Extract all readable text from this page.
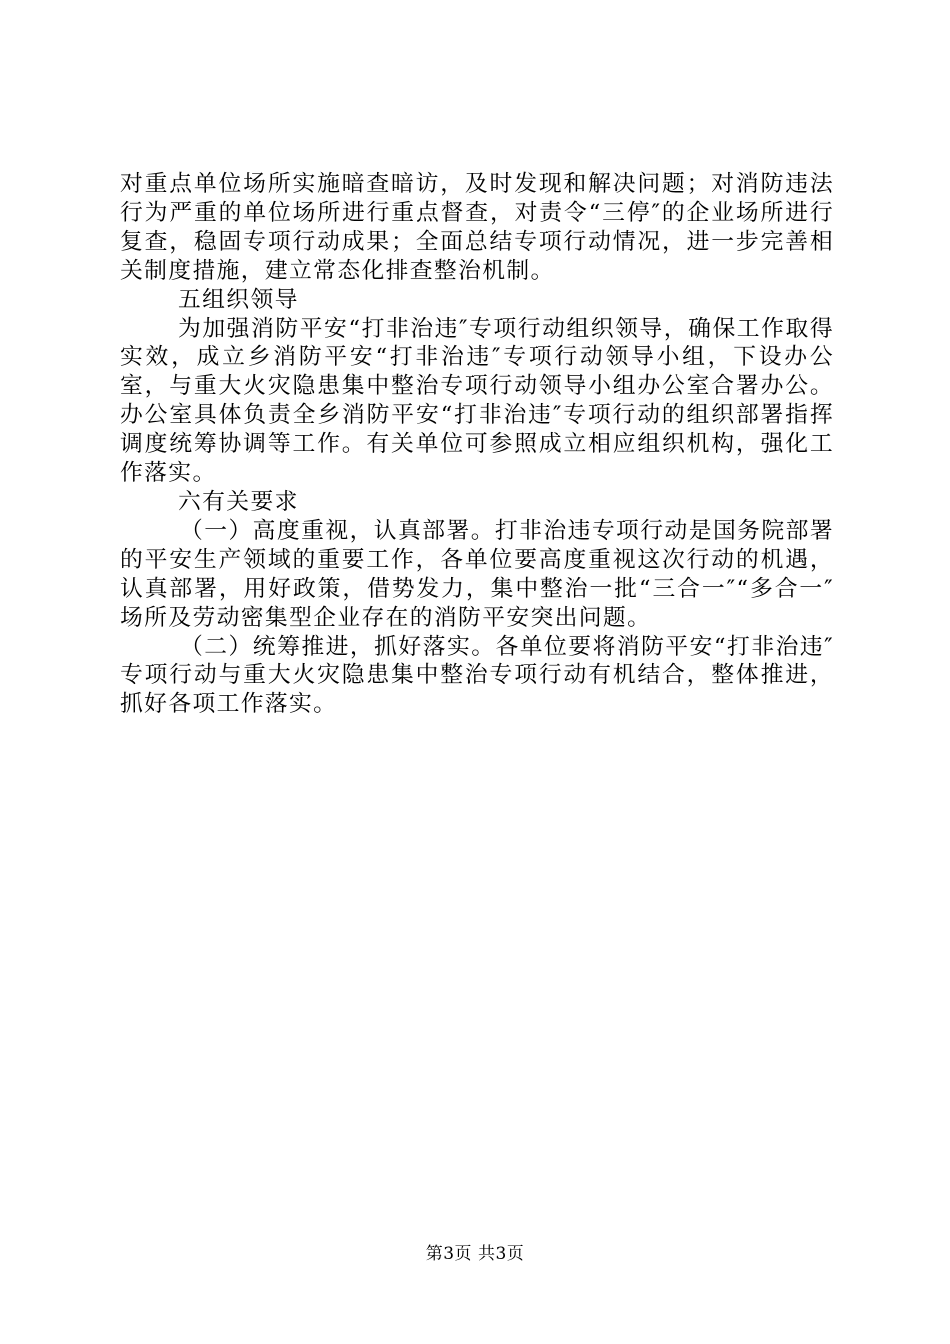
对重点单位场所实施暗查暗访，及时发现和解决问题；对消防违法行为严重的单位场所进行重点督查，对责令“三停″的企业场所进行复查，稳固专项行动成果；全面总结专项行动情况，进一步完善相关制度措施，建立常态化排查整治机制。

五组织领导

为加强消防平安“打非治违″专项行动组织领导，确保工作取得实效，成立乡消防平安“打非治违″专项行动领导小组，下设办公室，与重大火灾隐患集中整治专项行动领导小组办公室合署办公。办公室具体负责全乡消防平安“打非治违″专项行动的组织部署指挥调度统筹协调等工作。有关单位可参照成立相应组织机构，强化工作落实。

六有关要求

（一）高度重视，认真部署。打非治违专项行动是国务院部署的平安生产领域的重要工作，各单位要高度重视这次行动的机遇，认真部署，用好政策，借势发力，集中整治一批“三合一″“多合一″场所及劳动密集型企业存在的消防平安突出问题。

（二）统筹推进，抓好落实。各单位要将消防平安“打非治违″专项行动与重大火灾隐患集中整治专项行动有机结合，整体推进，抓好各项工作落实。

第3页 共3页
